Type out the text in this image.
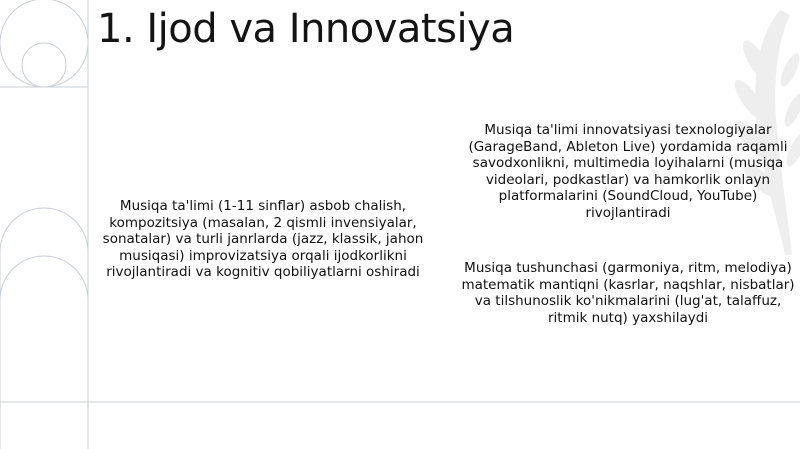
1. Ijod va Innovatsiya

Musiqa ta'limi (1-11 sinflar) asbob chalish, kompozitsiya (masalan, 2 qismli invensiyalar, sonatalar) va turli janrlarda (jazz, klassik, jahon musiqasi) improvizatsiya orqali ijodkorlikni rivojlantiradi va kognitiv qobiliyatlarni oshiradi

Musiqa ta'limi innovatsiyasi texnologiyalar (GarageBand, Ableton Live) yordamida raqamli savodxonlikni, multimedia loyihalarni (musiqa videolari, podkastlar) va hamkorlik onlayn platformalarini (SoundCloud, YouTube) rivojlantiradi

Musiqa tushunchasi (garmoniya, ritm, melodiya) matematik mantiqni (kasrlar, naqshlar, nisbatlar) va tilshunoslik ko'nikmalarini (lug'at, talaffuz, ritmik nutq) yaxshilaydi
